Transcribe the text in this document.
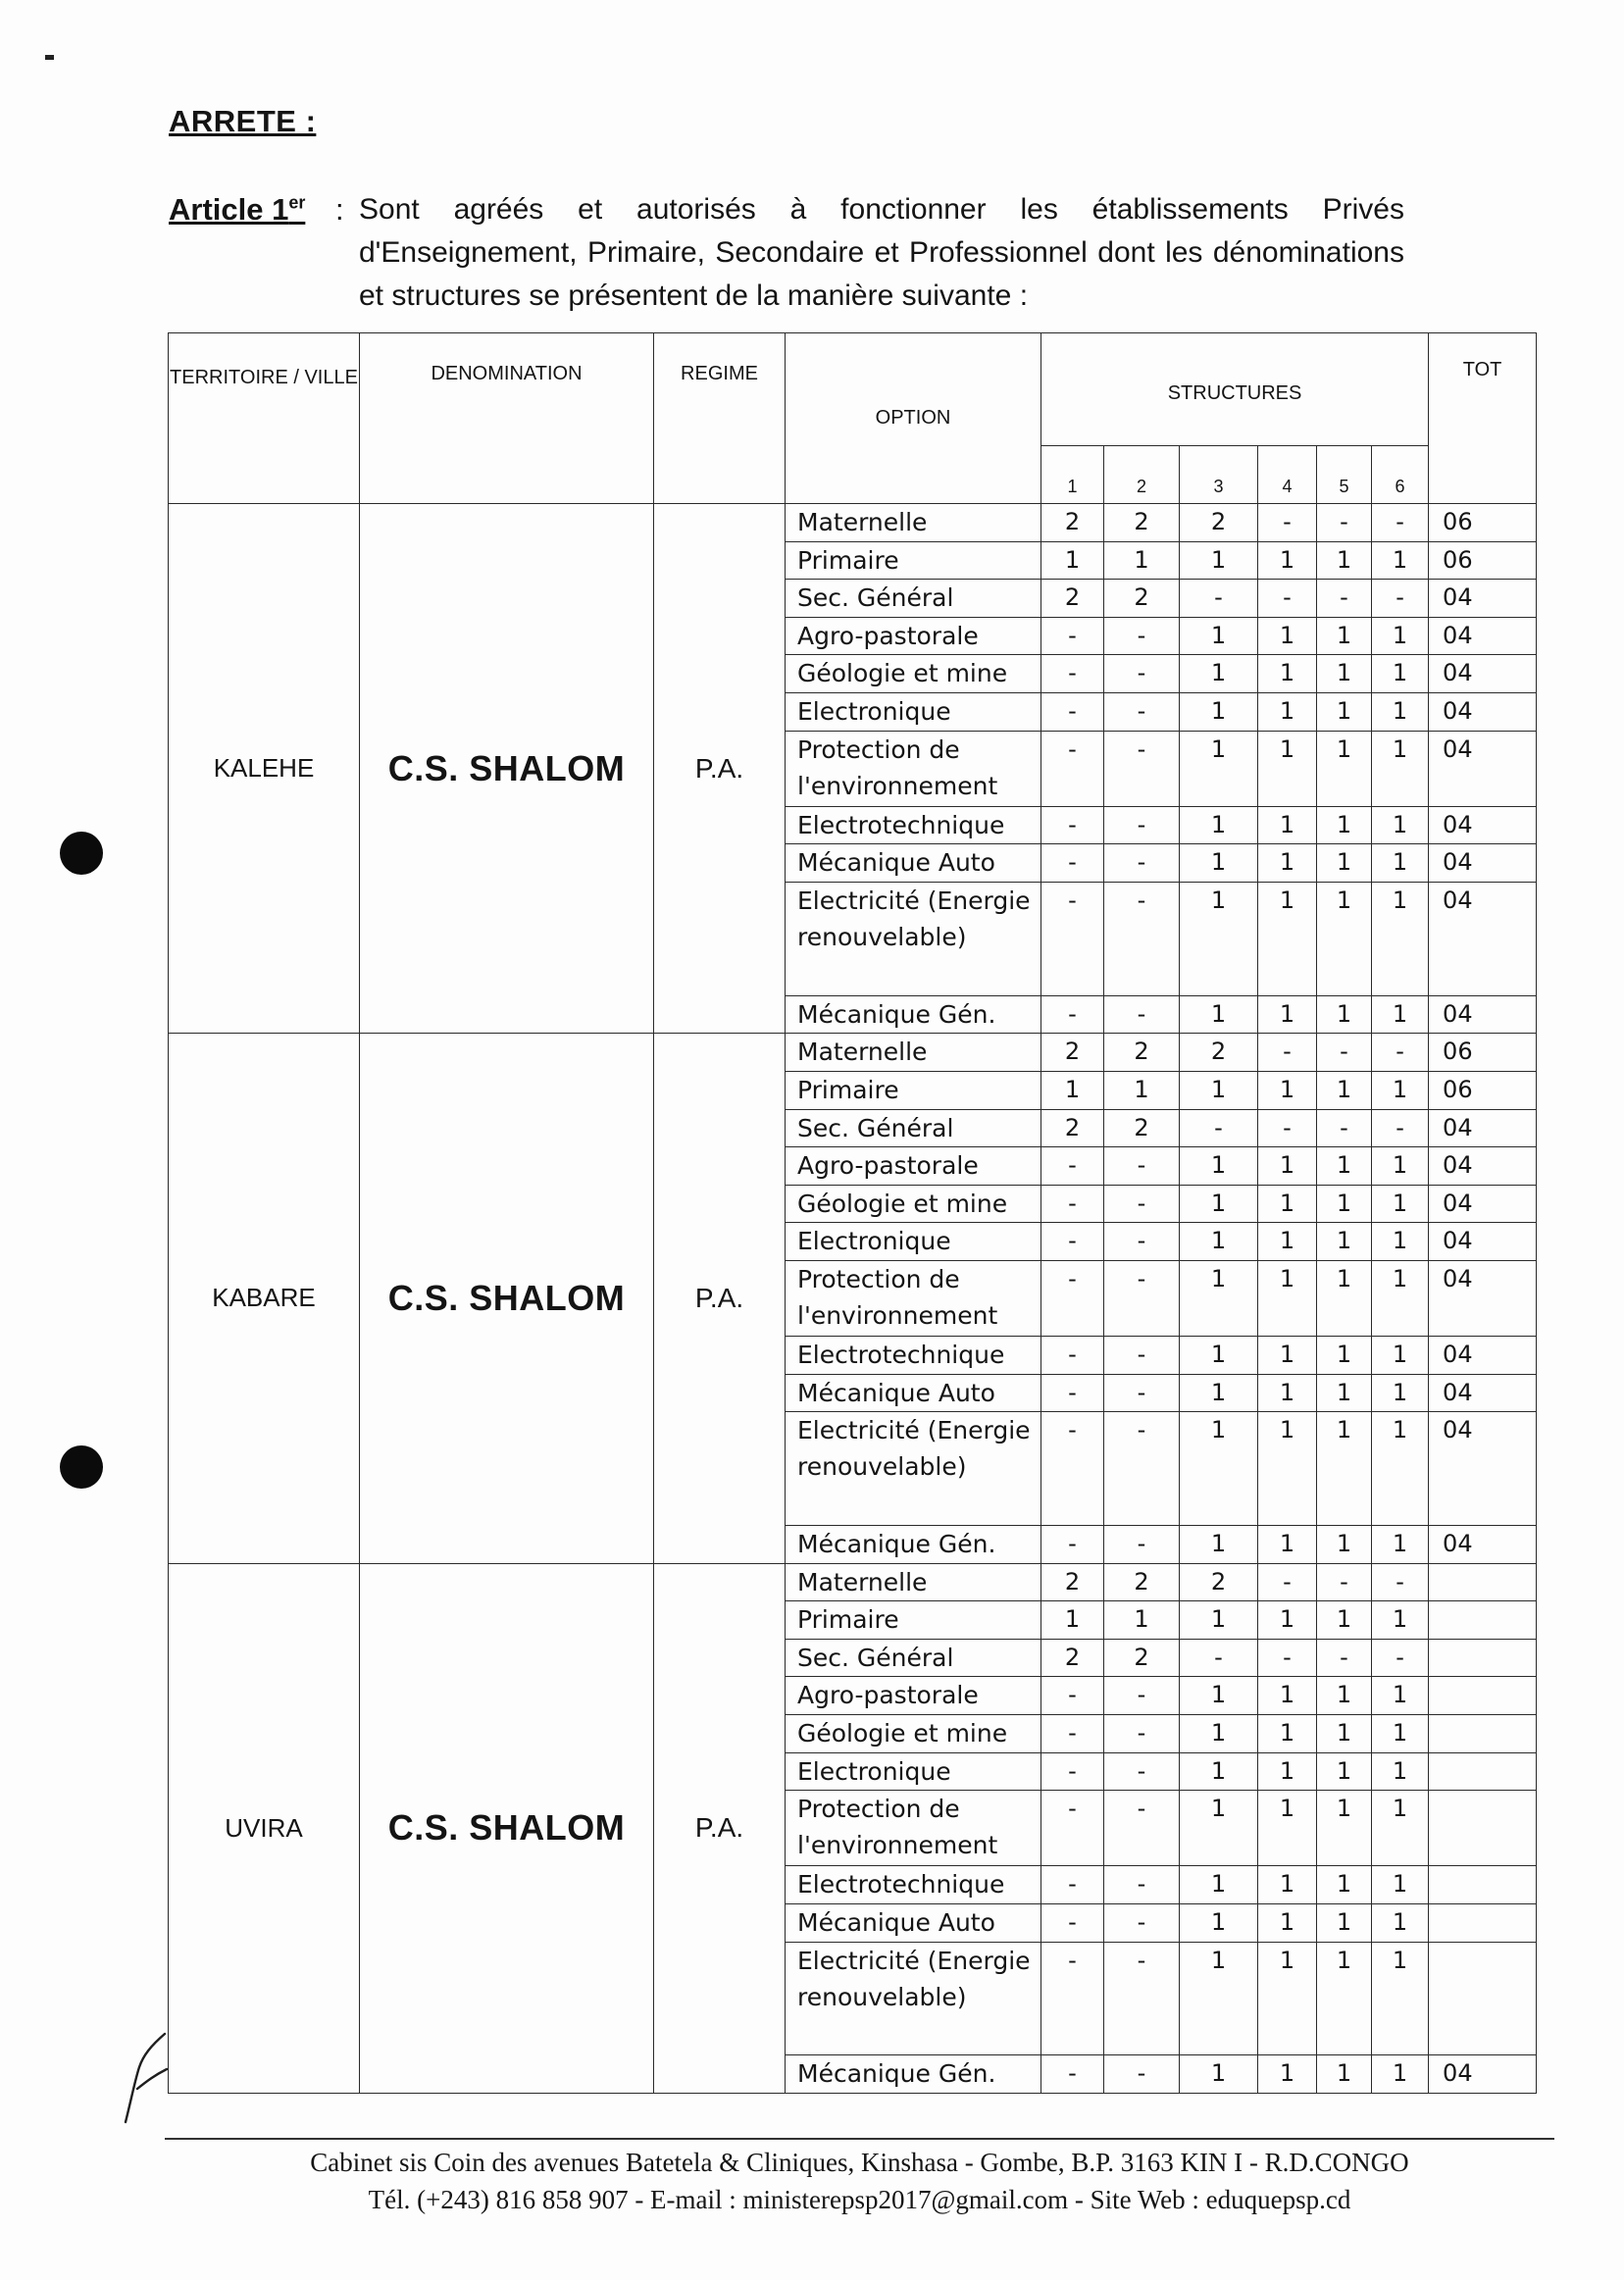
ARRETE :
Article 1er : Sont agréés et autorisés à fonctionner les établissements Privés d'Enseignement, Primaire, Secondaire et Professionnel dont les dénominations et structures se présentent de la manière suivante :
TERRITOIRE / VILLE	DENOMINATION	REGIME	OPTION	STRUCTURES						TOT
				1	2	3	4	5	6	
KALEHE	C.S. SHALOM	P.A.	Maternelle	2	2	2	-	-	-	06
			Primaire	1	1	1	1	1	1	06
			Sec. Général	2	2	-	-	-	-	04
			Agro-pastorale	-	-	1	1	1	1	04
			Géologie et mine	-	-	1	1	1	1	04
			Electronique	-	-	1	1	1	1	04
			Protection de l'environnement	-	-	1	1	1	1	04
			Electrotechnique	-	-	1	1	1	1	04
			Mécanique Auto	-	-	1	1	1	1	04
			Electricité (Energie renouvelable)	-	-	1	1	1	1	04
			Mécanique Gén.	-	-	1	1	1	1	04
KABARE	C.S. SHALOM	P.A.	Maternelle	2	2	2	-	-	-	06
			Primaire	1	1	1	1	1	1	06
			Sec. Général	2	2	-	-	-	-	04
			Agro-pastorale	-	-	1	1	1	1	04
			Géologie et mine	-	-	1	1	1	1	04
			Electronique	-	-	1	1	1	1	04
			Protection de l'environnement	-	-	1	1	1	1	04
			Electrotechnique	-	-	1	1	1	1	04
			Mécanique Auto	-	-	1	1	1	1	04
			Electricité (Energie renouvelable)	-	-	1	1	1	1	04
			Mécanique Gén.	-	-	1	1	1	1	04
UVIRA	C.S. SHALOM	P.A.	Maternelle	2	2	2	-	-	-	
			Primaire	1	1	1	1	1	1	
			Sec. Général	2	2	-	-	-	-	
			Agro-pastorale	-	-	1	1	1	1	
			Géologie et mine	-	-	1	1	1	1	
			Electronique	-	-	1	1	1	1	
			Protection de l'environnement	-	-	1	1	1	1	
			Electrotechnique	-	-	1	1	1	1	
			Mécanique Auto	-	-	1	1	1	1	
			Electricité (Energie renouvelable)	-	-	1	1	1	1	
			Mécanique Gén.	-	-	1	1	1	1	04
Cabinet sis Coin des avenues Batetela & Cliniques, Kinshasa - Gombe, B.P. 3163 KIN I - R.D.CONGO
Tél. (+243) 816 858 907 - E-mail : ministerepsp2017@gmail.com - Site Web : eduquepsp.cd
